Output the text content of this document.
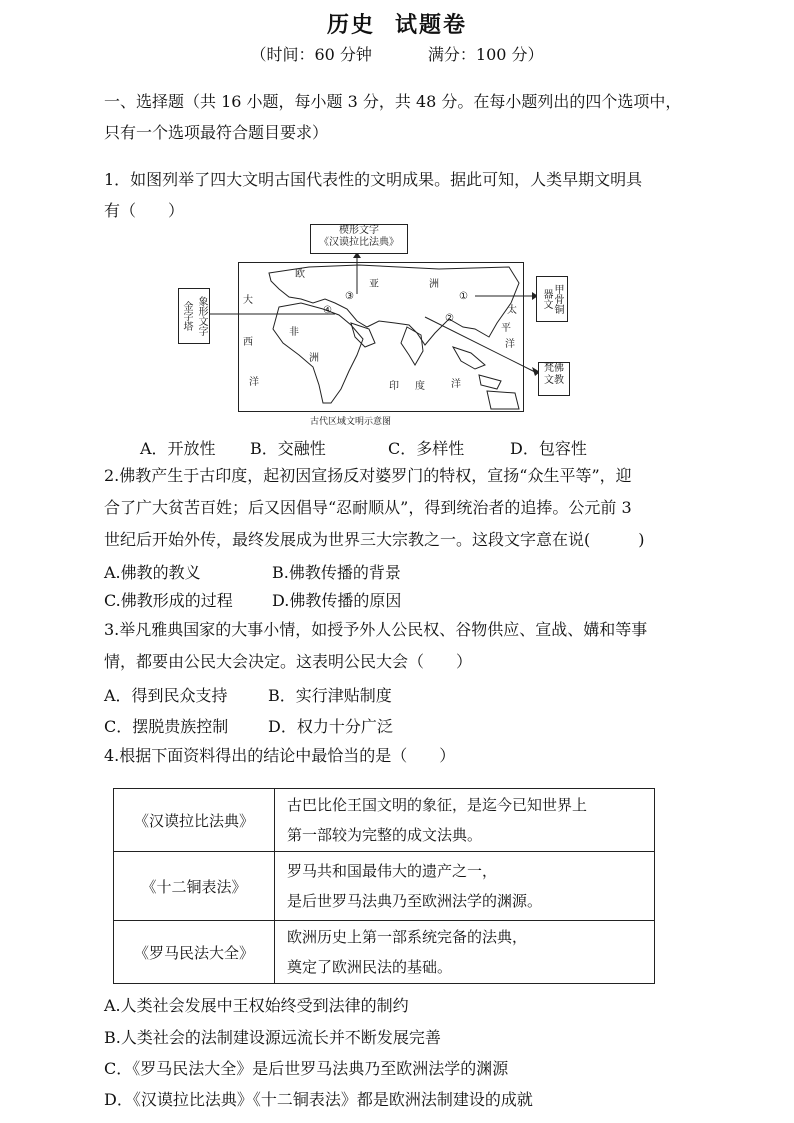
历史 试题卷
（时间：60 分钟	满分：100 分）
一、选择题（共 16 小题，每小题 3 分，共 48 分。在每小题列出的四个选项中，
只有一个选项最符合题目要求）
1．如图列举了四大文明古国代表性的文明成果。据此可知，人类早期文明具
有（　　）
楔形文字
《汉谟拉比法典》
金字塔 象形文字	甲骨铜器文
梵佛
文教
欧
亚	洲
大
西
洋
非
洲
太
平
洋
印 度	洋
①
②
③
④
古代区域文明示意图
A．开放性 B．交融性	C．多样性	D．包容性
2.佛教产生于古印度，起初因宣扬反对婆罗门的特权，宣扬“众生平等”，迎
合了广大贫苦百姓；后又因倡导“忍耐顺从”，得到统治者的追捧。公元前 3
世纪后开始外传，最终发展成为世界三大宗教之一。这段文字意在说(　　　)
A.佛教的教义	B.佛教传播的背景
C.佛教形成的过程 D.佛教传播的原因
3.举凡雅典国家的大事小情，如授予外人公民权、谷物供应、宣战、媾和等事
情，都要由公民大会决定。这表明公民大会（　　）
A．得到民众支持	B．实行津贴制度
C．摆脱贵族控制 D．权力十分广泛
4.根据下面资料得出的结论中最恰当的是（　　）
《汉谟拉比法典》	古巴比伦王国文明的象征，是迄今已知世界上
第一部较为完整的成文法典。

《十二铜表法》	罗马共和国最伟大的遗产之一，
是后世罗马法典乃至欧洲法学的渊源。

《罗马民法大全》	欧洲历史上第一部系统完备的法典，
奠定了欧洲民法的基础。
A.人类社会发展中王权始终受到法律的制约
B.人类社会的法制建设源远流长并不断发展完善
C．《罗马民法大全》是后世罗马法典乃至欧洲法学的渊源
D．《汉谟拉比法典》《十二铜表法》都是欧洲法制建设的成就
